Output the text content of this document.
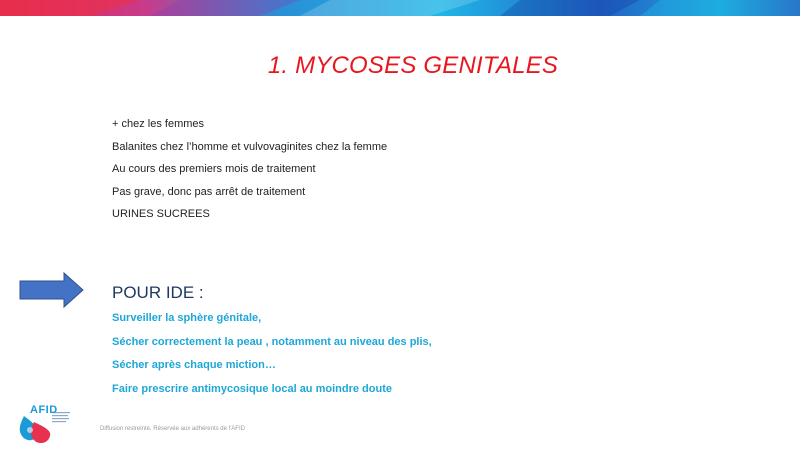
1. MYCOSES GENITALES
+ chez les femmes
Balanites chez l’homme et vulvovaginites chez la femme
Au cours des premiers mois de traitement
Pas grave, donc pas arrêt de traitement
URINES SUCREES
POUR IDE :
Surveiller la sphère génitale,
Sécher correctement la peau , notamment au niveau des plis,
Sécher après chaque miction…
Faire prescrire antimycosique local au moindre doute
AFID
Diffusion restreinte. Réservée aux adhérents de l’AFID
